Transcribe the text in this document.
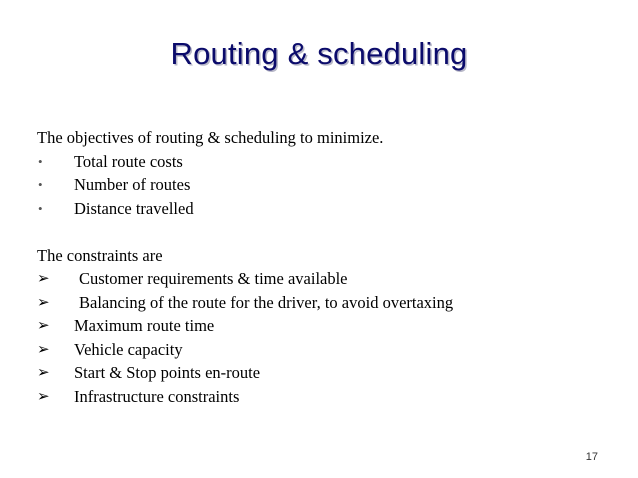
Routing & scheduling
The objectives of routing & scheduling to minimize.
• Total route costs
• Number of routes
• Distance travelled
The constraints are
➢ Customer requirements & time available
➢ Balancing of the route for the driver, to avoid overtaxing
➢ Maximum route time
➢ Vehicle capacity
➢ Start & Stop points en-route
➢ Infrastructure constraints
17
